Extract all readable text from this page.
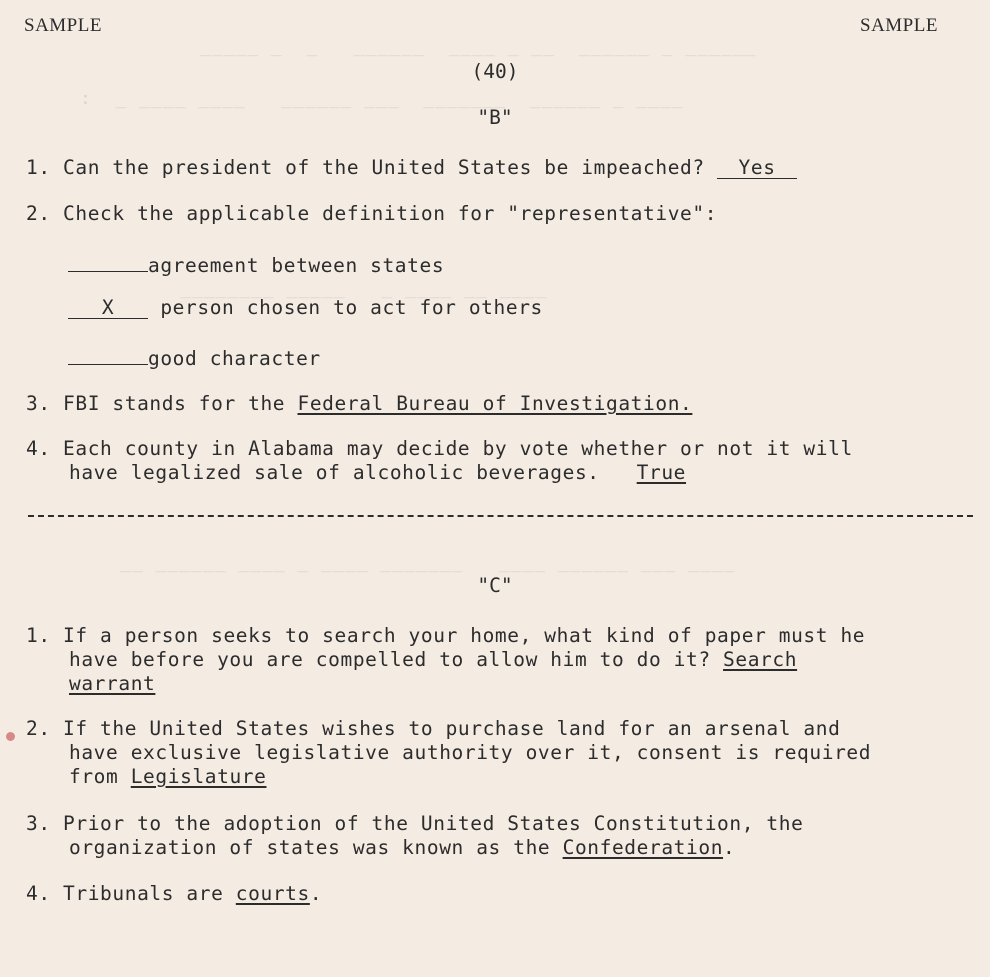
_____ _  _   ______  ____ _ __  ______ _ ______
:  _ ____ ____   ______ ___  _______  ______ _ ____
________ _____   _ ____ __ ____
__ ______ ____ _ ____ _______   ____ ______ ___ ____
SAMPLE	SAMPLE
(40)
"B"
1. Can the president of the United States be impeached? Yes
2. Check the applicable definition for "representative":
agreement between states
X person chosen to act for others
good character
3. FBI stands for the Federal Bureau of Investigation.
4. Each county in Alabama may decide by vote whether or not it will
have legalized sale of alcoholic beverages. True
"C"
1. If a person seeks to search your home, what kind of paper must he
have before you are compelled to allow him to do it? Search
warrant
2. If the United States wishes to purchase land for an arsenal and
have exclusive legislative authority over it, consent is required
from Legislature
3. Prior to the adoption of the United States Constitution, the
organization of states was known as the Confederation.
4. Tribunals are courts.
